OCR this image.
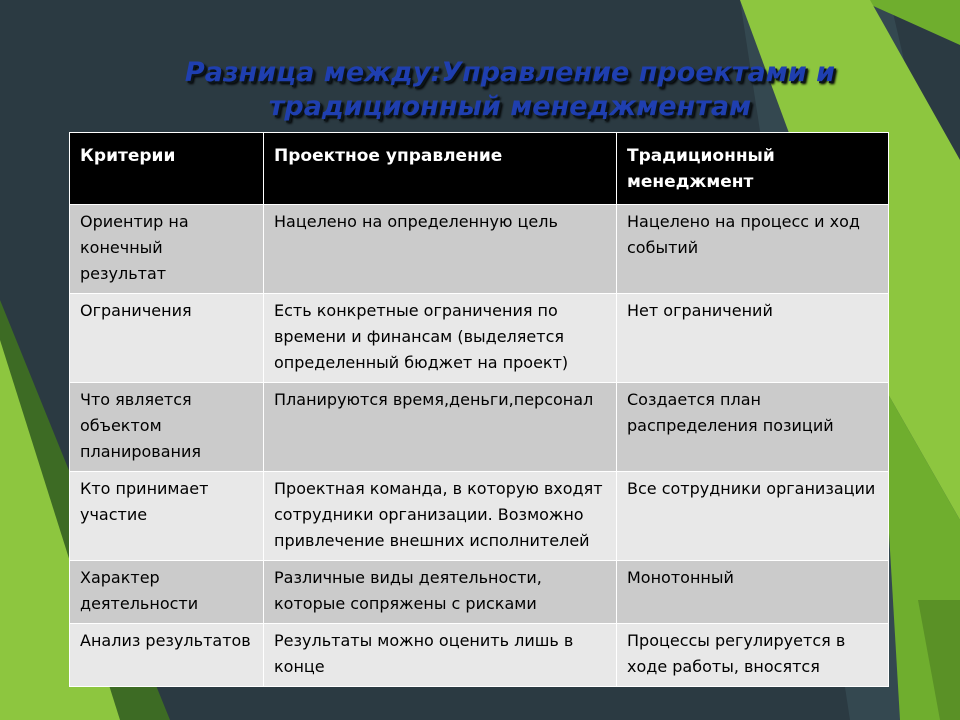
Разница между:Управление проектами и традиционный менеджментам
Критерии	Проектное управление	Традиционный менеджмент
Ориентир на конечный результат	Нацелено на определенную цель	Нацелено на процесс и ход событий
Ограничения	Есть конкретные ограничения по времени и финансам (выделяется определенный бюджет на проект)	Нет ограничений
Что является объектом планирования	Планируются время,деньги,персонал	Создается план распределения позиций
Кто принимает участие	Проектная команда, в которую входят сотрудники организации. Возможно привлечение внешних исполнителей	Все сотрудники организации
Характер деятельности	Различные виды деятельности, которые сопряжены с рисками	Монотонный
Анализ результатов	Результаты можно оценить лишь в конце	Процессы регулируется в ходе работы, вносятся
